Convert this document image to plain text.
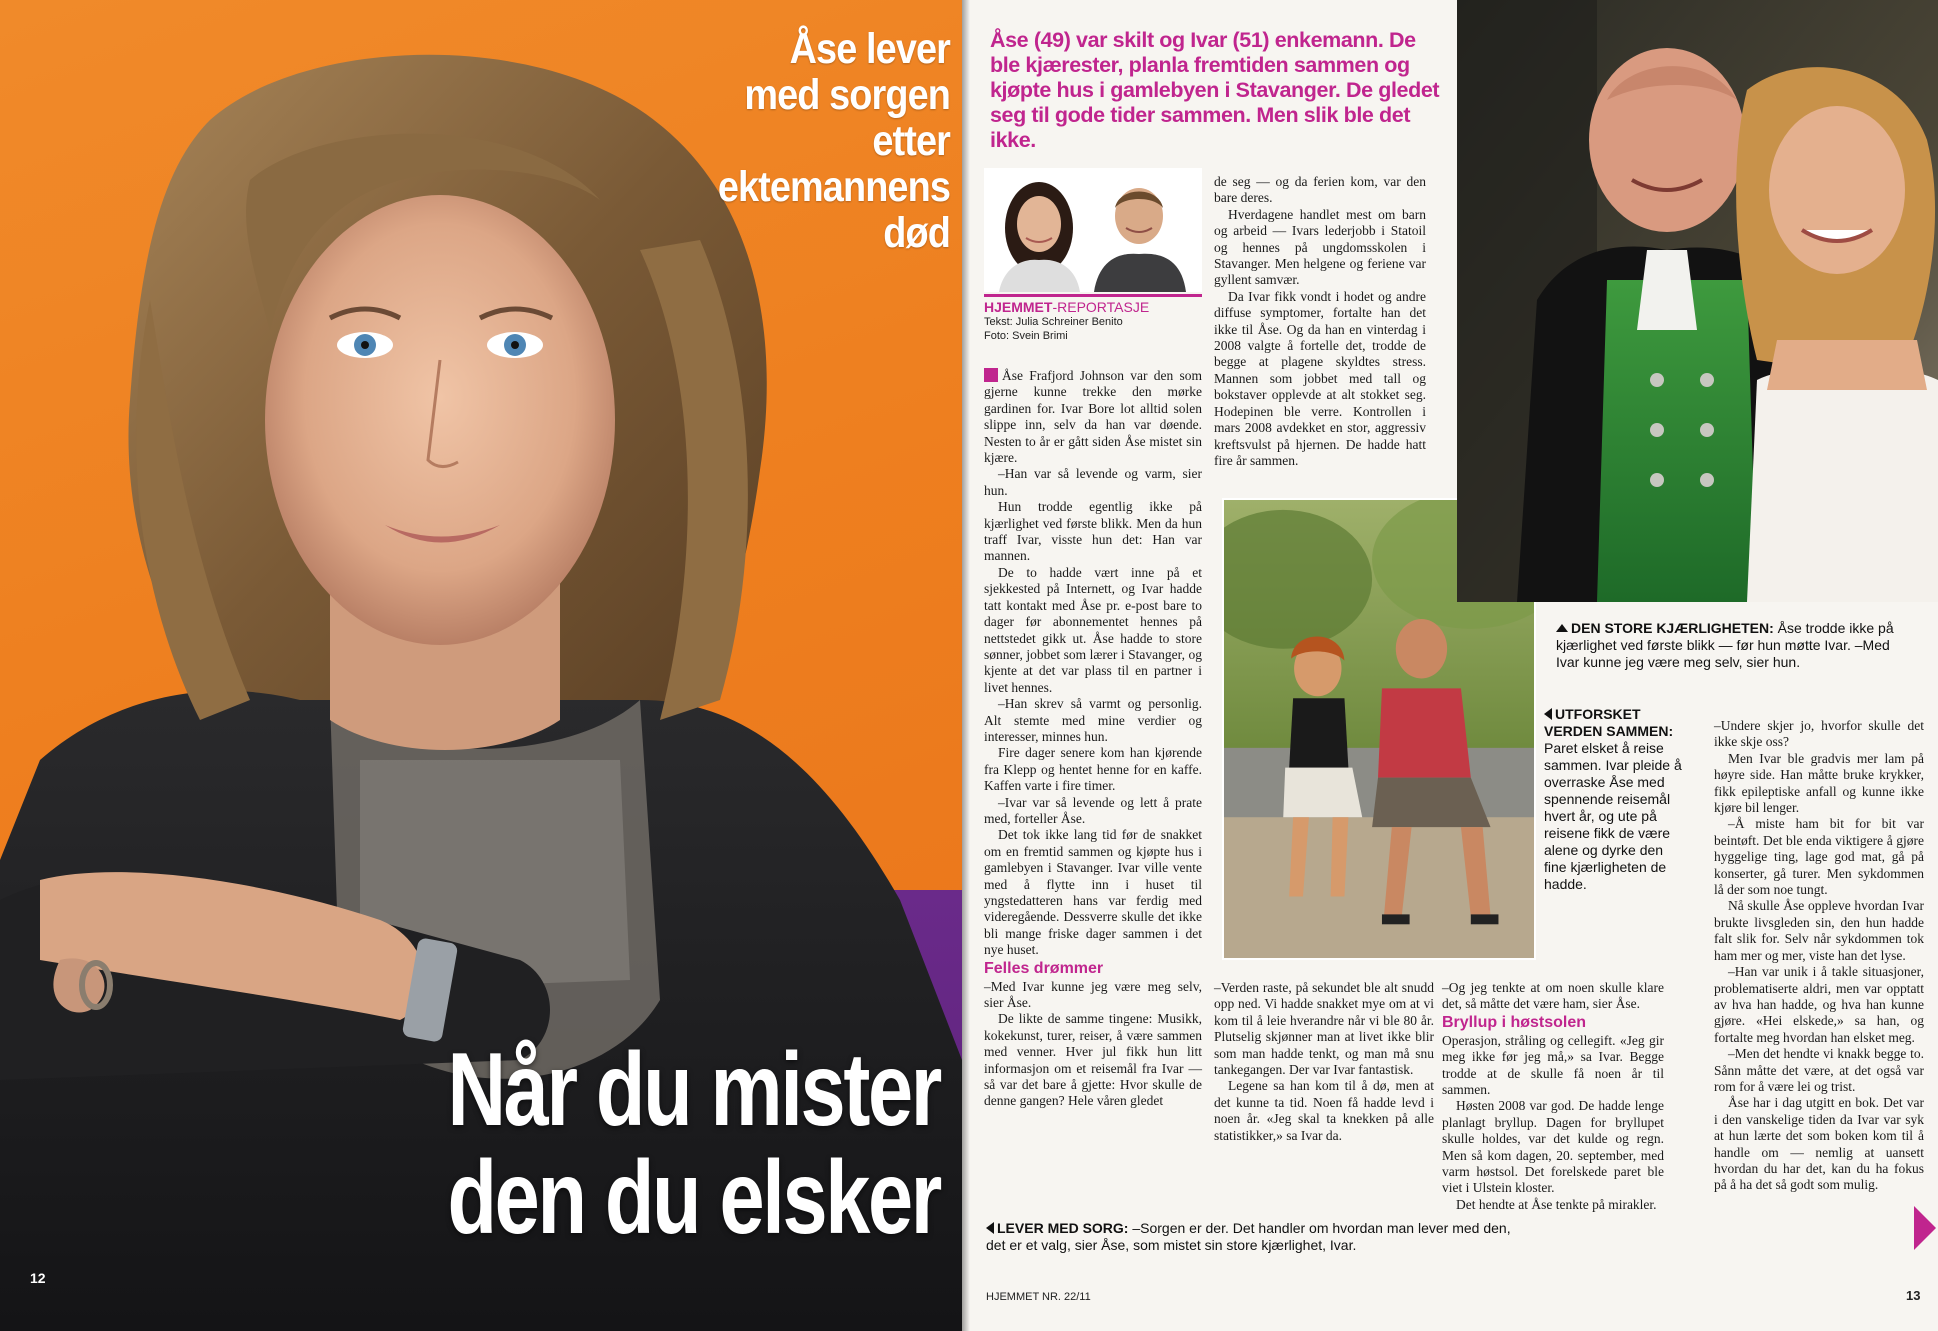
Åse lever
med sorgen
etter
ektemannens
død
Når du mister
den du elsker
12
Åse (49) var skilt og Ivar (51) enkemann. De ble kjærester, planla fremtiden sammen og kjøpte hus i gamlebyen i Stavanger. De gledet seg til gode tider sammen. Men slik ble det ikke.
HJEMMET-REPORTASJE
Tekst: Julia Schreiner Benito
Foto: Svein Brimi

Åse Frafjord Johnson var den som gjerne kunne trekke den mørke gardinen for. Ivar Bore lot alltid solen slippe inn, selv da han var døende. Nesten to år er gått siden Åse mistet sin kjære.

–Han var så levende og varm, sier hun.

Hun trodde egentlig ikke på kjærlighet ved første blikk. Men da hun traff Ivar, visste hun det: Han var mannen.

De to hadde vært inne på et sjekkested på Internett, og Ivar hadde tatt kontakt med Åse pr. e-post bare to dager før abonnementet hennes på nettstedet gikk ut. Åse hadde to store sønner, jobbet som lærer i Stavanger, og kjente at det var plass til en partner i livet hennes.

–Han skrev så varmt og personlig. Alt stemte med mine verdier og interesser, minnes hun.

Fire dager senere kom han kjørende fra Klepp og hentet henne for en kaffe. Kaffen varte i fire timer.

–Ivar var så levende og lett å prate med, forteller Åse.

Det tok ikke lang tid før de snakket om en fremtid sammen og kjøpte hus i gamlebyen i Stavanger. Ivar ville vente med å flytte inn i huset til yngstedatteren hans var ferdig med videregående. Dessverre skulle det ikke bli mange friske dager sammen i det nye huset.

Felles drømmer

–Med Ivar kunne jeg være meg selv, sier Åse.

De likte de samme tingene: Musikk, kokekunst, turer, reiser, å være sammen med venner. Hver jul fikk hun litt informasjon om et reisemål fra Ivar — så var det bare å gjette: Hvor skulle de denne gangen? Hele våren gledet

de seg — og da ferien kom, var den bare deres.

Hverdagene handlet mest om barn og arbeid — Ivars lederjobb i Statoil og hennes på ungdomsskolen i Stavanger. Men helgene og feriene var gyllent samvær.

Da Ivar fikk vondt i hodet og andre diffuse symptomer, fortalte han det ikke til Åse. Og da han en vinterdag i 2008 valgte å fortelle det, trodde de begge at plagene skyldtes stress. Mannen som jobbet med tall og bokstaver opplevde at alt stokket seg. Hodepinen ble verre. Kontrollen i mars 2008 avdekket en stor, aggressiv kreftsvulst på hjernen. De hadde hatt fire år sammen.

–Verden raste, på sekundet ble alt snudd opp ned. Vi hadde snakket mye om at vi kom til å leie hverandre når vi ble 80 år. Plutselig skjønner man at livet ikke blir som man hadde tenkt, og man må snu tankegangen. Der var Ivar fantastisk.

Legene sa han kom til å dø, men at det kunne ta tid. Noen få hadde levd i noen år. «Jeg skal ta knekken på alle statistikker,» sa Ivar da.

–Og jeg tenkte at om noen skulle klare det, så måtte det være ham, sier Åse.

Bryllup i høstsolen

Operasjon, stråling og cellegift. «Jeg gir meg ikke før jeg må,» sa Ivar. Begge trodde at de skulle få noen år til sammen.

Høsten 2008 var god. De hadde lenge planlagt bryllup. Dagen for bryllupet skulle holdes, var det kulde og regn. Men så kom dagen, 20. september, med varm høstsol. Det forelskede paret ble viet i Ulstein kloster.

Det hendte at Åse tenkte på mirakler.

DEN STORE KJÆRLIGHETEN: Åse trodde ikke på kjærlighet ved første blikk — før hun møtte Ivar. –Med Ivar kunne jeg være meg selv, sier hun.
UTFORSKET VERDEN SAMMEN: Paret elsket å reise sammen. Ivar pleide å overraske Åse med spennende reisemål hvert år, og ute på reisene fikk de være alene og dyrke den fine kjærligheten de hadde.

–Undere skjer jo, hvorfor skulle det ikke skje oss?

Men Ivar ble gradvis mer lam på høyre side. Han måtte bruke krykker, fikk epileptiske anfall og kunne ikke kjøre bil lenger.

–Å miste ham bit for bit var beintøft. Det ble enda viktigere å gjøre hyggelige ting, lage god mat, gå på konserter, gå turer. Men sykdommen lå der som noe tungt.

Nå skulle Åse oppleve hvordan Ivar brukte livsgleden sin, den hun hadde falt slik for. Selv når sykdommen tok ham mer og mer, viste han det lyse.

–Han var unik i å takle situasjoner, problematiserte aldri, men var opptatt av hva han hadde, og hva han kunne gjøre. «Hei elskede,» sa han, og fortalte meg hvordan han elsket meg.

–Men det hendte vi knakk begge to. Sånn måtte det være, at det også var rom for å være lei og trist.

Åse har i dag utgitt en bok. Det var i den vanskelige tiden da Ivar var syk at hun lærte det som boken kom til å handle om — nemlig at uansett hvordan du har det, kan du ha fokus på å ha det så godt som mulig.

LEVER MED SORG: –Sorgen er der. Det handler om hvordan man lever med den, det er et valg, sier Åse, som mistet sin store kjærlighet, Ivar.
HJEMMET NR. 22/11	13
